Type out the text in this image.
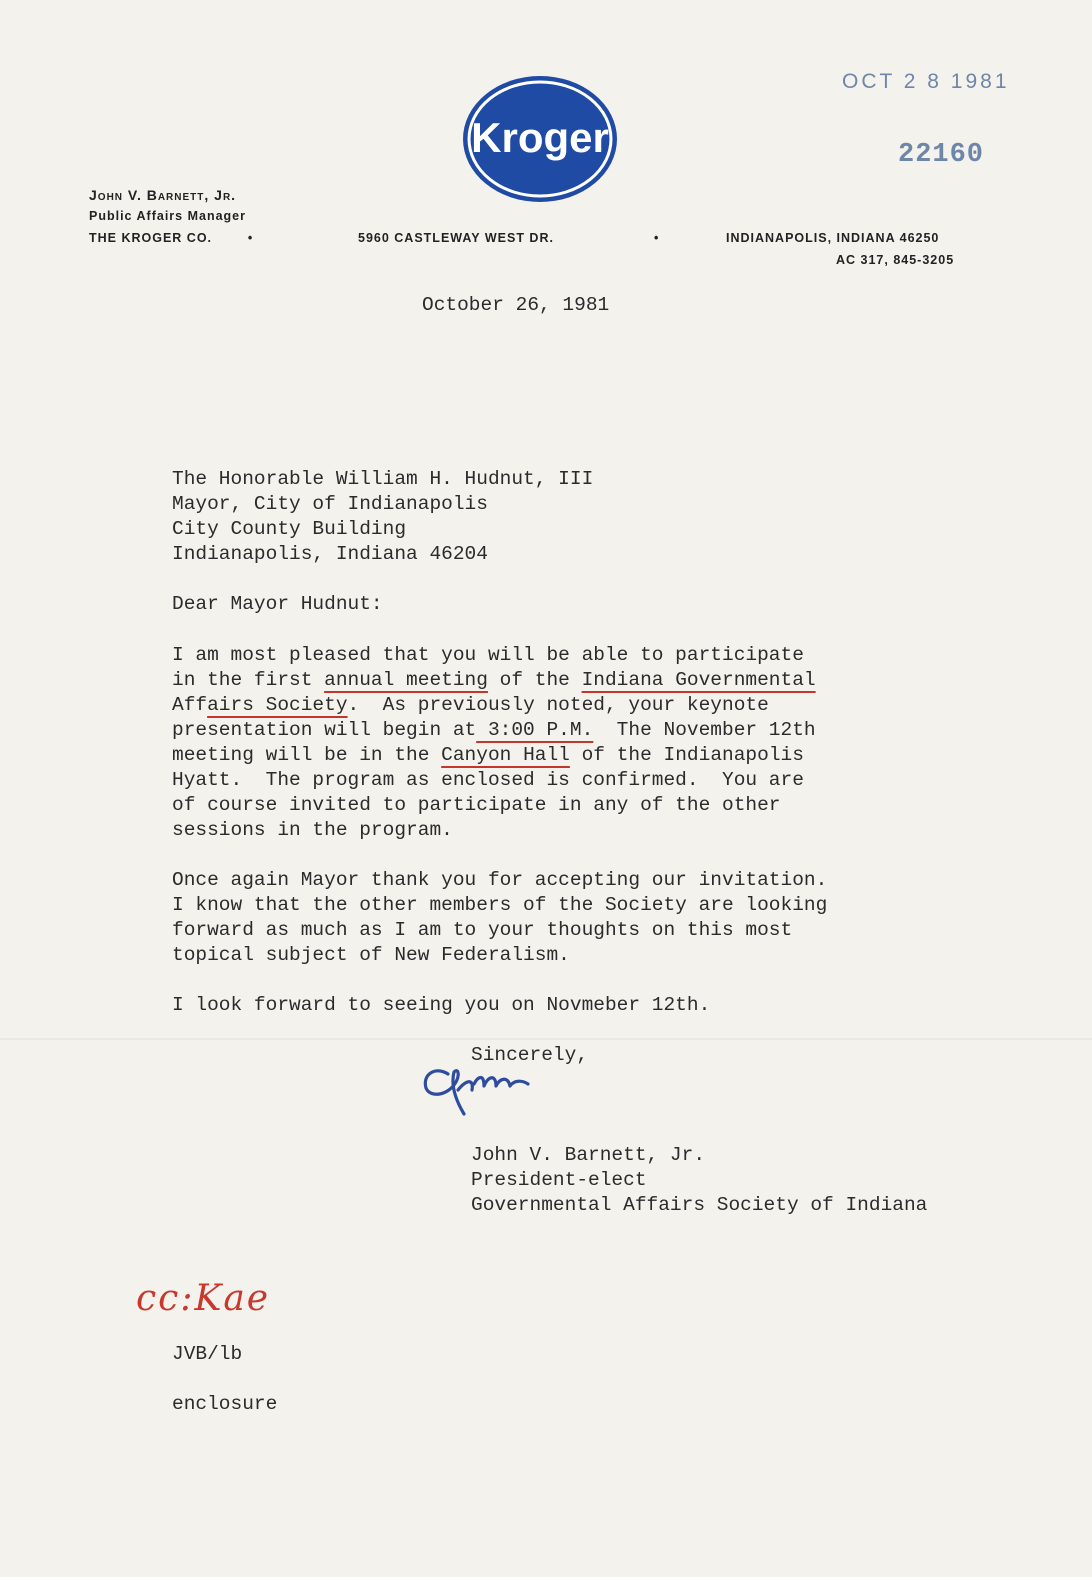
John V. Barnett, Jr.
Public Affairs Manager
THE KROGER CO.        •	5960 CASTLEWAY WEST DR.	•	INDIANAPOLIS, INDIANA 46250
AC 317, 845-3205
Kroger
OCT 2 8 1981
22160
October 26, 1981
The Honorable William H. Hudnut, III
Mayor, City of Indianapolis
City County Building
Indianapolis, Indiana 46204
Dear Mayor Hudnut:
I am most pleased that you will be able to participate
in the first annual meeting of the Indiana Governmental
Affairs Society.  As previously noted, your keynote
presentation will begin at 3:00 P.M.  The November 12th
meeting will be in the Canyon Hall of the Indianapolis
Hyatt.  The program as enclosed is confirmed.  You are
of course invited to participate in any of the other
sessions in the program.
Once again Mayor thank you for accepting our invitation.
I know that the other members of the Society are looking
forward as much as I am to your thoughts on this most
topical subject of New Federalism.
I look forward to seeing you on Novmeber 12th.
Sincerely,
John V. Barnett, Jr.
President-elect
Governmental Affairs Society of Indiana
cc:Kae
JVB/lb
enclosure
